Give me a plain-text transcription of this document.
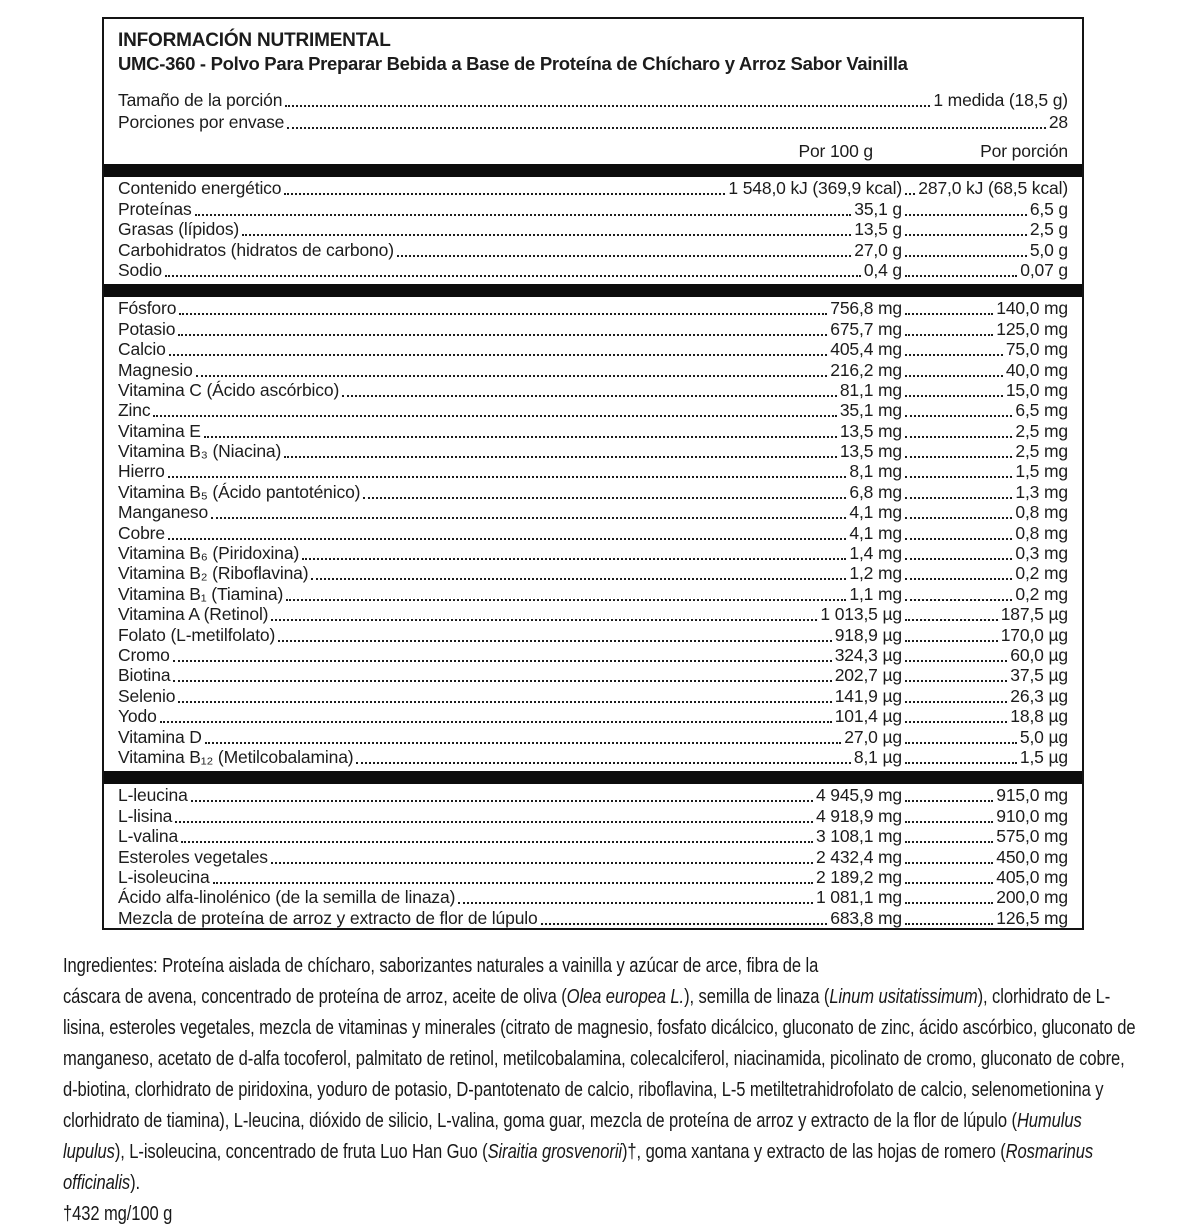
INFORMACIÓN NUTRIMENTAL
UMC-360 - Polvo Para Preparar Bebida a Base de Proteína de Chícharo y Arroz Sabor Vainilla
Tamaño de la porción	1 medida (18,5 g)
Porciones por envase	28
Por 100 g	Por porción
Contenido energético	1 548,0 kJ (369,9 kcal) 287,0 kJ (68,5 kcal)
Proteínas	35,1 g	6,5 g
Grasas (lípidos)	13,5 g	2,5 g
Carbohidratos (hidratos de carbono)	27,0 g	5,0 g
Sodio	0,4 g	0,07 g
Fósforo	756,8 mg	140,0 mg
Potasio	675,7 mg	125,0 mg
Calcio	405,4 mg	75,0 mg
Magnesio	216,2 mg	40,0 mg
Vitamina C (Ácido ascórbico)	81,1 mg	15,0 mg
Zinc	35,1 mg	6,5 mg
Vitamina E	13,5 mg	2,5 mg
Vitamina B₃ (Niacina)	13,5 mg	2,5 mg
Hierro	8,1 mg	1,5 mg
Vitamina B₅ (Ácido pantoténico)	6,8 mg	1,3 mg
Manganeso	4,1 mg	0,8 mg
Cobre	4,1 mg	0,8 mg
Vitamina B₆ (Piridoxina)	1,4 mg	0,3 mg
Vitamina B₂ (Riboflavina)	1,2 mg	0,2 mg
Vitamina B₁ (Tiamina)	1,1 mg	0,2 mg
Vitamina A (Retinol)	1 013,5 µg	187,5 µg
Folato (L-metilfolato)	918,9 µg	170,0 µg
Cromo	324,3 µg	60,0 µg
Biotina	202,7 µg	37,5 µg
Selenio	141,9 µg	26,3 µg
Yodo	101,4 µg	18,8 µg
Vitamina D	27,0 µg	5,0 µg
Vitamina B₁₂ (Metilcobalamina)	8,1 µg	1,5 µg
L-leucina	4 945,9 mg	915,0 mg
L-lisina	4 918,9 mg	910,0 mg
L-valina	3 108,1 mg	575,0 mg
Esteroles vegetales	2 432,4 mg	450,0 mg
L-isoleucina	2 189,2 mg	405,0 mg
Ácido alfa-linolénico (de la semilla de linaza)	1 081,1 mg	200,0 mg
Mezcla de proteína de arroz y extracto de flor de lúpulo	683,8 mg	126,5 mg
Ingredientes: Proteína aislada de chícharo, saborizantes naturales a vainilla y azúcar de arce, fibra de la
cáscara de avena, concentrado de proteína de arroz, aceite de oliva (Olea europea L.), semilla de linaza (Linum usitatissimum), clorhidrato de L-lisina, esteroles vegetales, mezcla de vitaminas y minerales (citrato de magnesio, fosfato dicálcico, gluconato de zinc, ácido ascórbico, gluconato de manganeso, acetato de d-alfa tocoferol, palmitato de retinol, metilcobalamina, colecalciferol, niacinamida, picolinato de cromo, gluconato de cobre, d-biotina, clorhidrato de piridoxina, yoduro de potasio, D-pantotenato de calcio, riboflavina, L-5 metiltetrahidrofolato de calcio, selenometionina y clorhidrato de tiamina), L-leucina, dióxido de silicio, L-valina, goma guar, mezcla de proteína de arroz y extracto de la flor de lúpulo (Humulus lupulus), L-isoleucina, concentrado de fruta Luo Han Guo (Siraitia grosvenorii)†, goma xantana y extracto de las hojas de romero (Rosmarinus officinalis).
†432 mg/100 g
